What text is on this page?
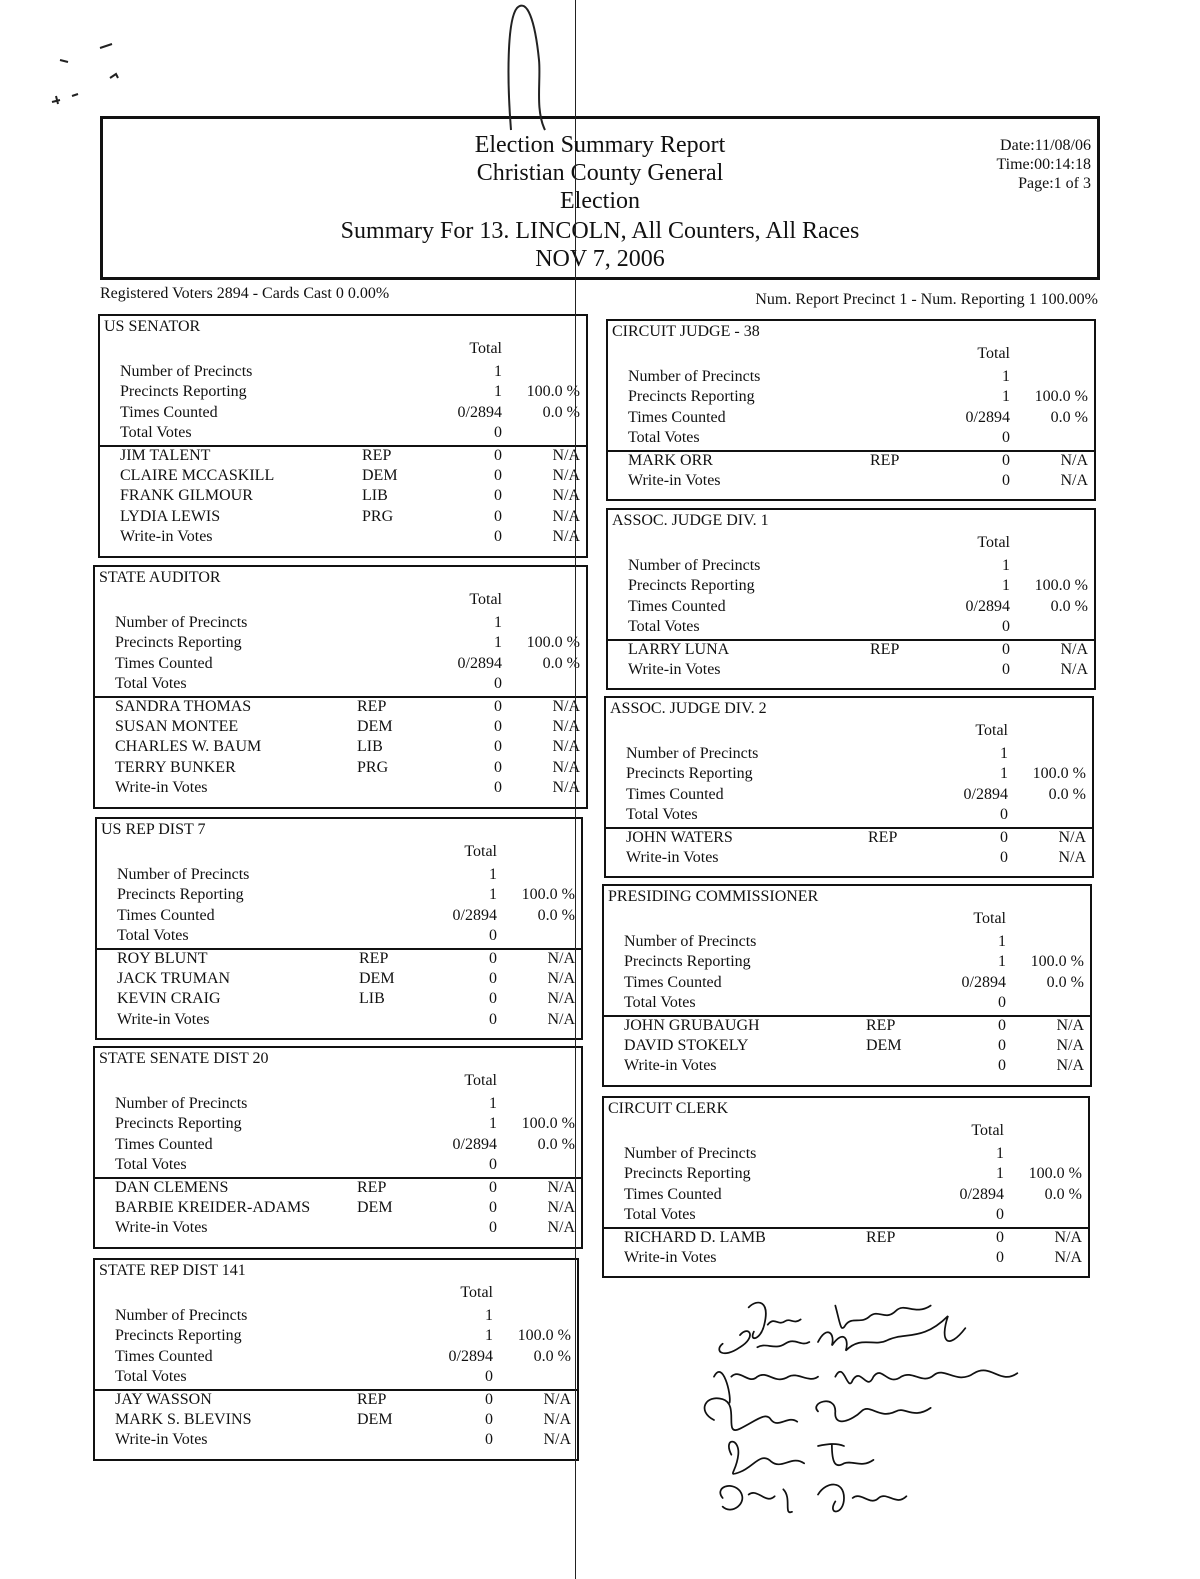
Election Summary Report
Christian County General
Election
Summary For 13. LINCOLN, All Counters, All Races
NOV 7, 2006
Date:11/08/06
Time:00:14:18
Page:1 of 3
Registered Voters 2894 - Cards Cast 0 0.00%	Num. Report Precinct 1 - Num. Reporting 1 100.00%
US SENATOR
Total
Number of Precincts	1
Precincts Reporting	1 100.0 %
Times Counted	0/2894	0.0 %
Total Votes	0
JIM TALENT	REP	0	N/A
CLAIRE MCCASKILL	DEM	0	N/A
FRANK GILMOUR	LIB	0	N/A
LYDIA LEWIS	PRG	0	N/A
Write-in Votes	0	N/A
STATE AUDITOR
Total
Number of Precincts	1
Precincts Reporting	1 100.0 %
Times Counted	0/2894	0.0 %
Total Votes	0
SANDRA THOMAS	REP	0	N/A
SUSAN MONTEE	DEM	0	N/A
CHARLES W. BAUM	LIB	0	N/A
TERRY BUNKER	PRG	0	N/A
Write-in Votes	0	N/A
US REP DIST 7
Total
Number of Precincts	1
Precincts Reporting	1 100.0 %
Times Counted	0/2894	0.0 %
Total Votes	0
ROY BLUNT	REP	0	N/A
JACK TRUMAN	DEM	0	N/A
KEVIN CRAIG	LIB	0	N/A
Write-in Votes	0	N/A
STATE SENATE DIST 20
Total
Number of Precincts	1
Precincts Reporting	1 100.0 %
Times Counted	0/2894	0.0 %
Total Votes	0
DAN CLEMENS	REP	0	N/A
BARBIE KREIDER-ADAMS	DEM	0	N/A
Write-in Votes	0	N/A
STATE REP DIST 141
Total
Number of Precincts	1
Precincts Reporting	1 100.0 %
Times Counted	0/2894	0.0 %
Total Votes	0
JAY WASSON	REP	0	N/A
MARK S. BLEVINS	DEM	0	N/A
Write-in Votes	0	N/A
CIRCUIT JUDGE - 38
Total
Number of Precincts	1
Precincts Reporting	1 100.0 %
Times Counted	0/2894	0.0 %
Total Votes	0
MARK ORR	REP	0	N/A
Write-in Votes	0	N/A
ASSOC. JUDGE DIV. 1
Total
Number of Precincts	1
Precincts Reporting	1 100.0 %
Times Counted	0/2894	0.0 %
Total Votes	0
LARRY LUNA	REP	0	N/A
Write-in Votes	0	N/A
ASSOC. JUDGE DIV. 2
Total
Number of Precincts	1
Precincts Reporting	1 100.0 %
Times Counted	0/2894	0.0 %
Total Votes	0
JOHN WATERS	REP	0	N/A
Write-in Votes	0	N/A
PRESIDING COMMISSIONER
Total
Number of Precincts	1
Precincts Reporting	1 100.0 %
Times Counted	0/2894	0.0 %
Total Votes	0
JOHN GRUBAUGH	REP	0	N/A
DAVID STOKELY	DEM	0	N/A
Write-in Votes	0	N/A
CIRCUIT CLERK
Total
Number of Precincts	1
Precincts Reporting	1 100.0 %
Times Counted	0/2894	0.0 %
Total Votes	0
RICHARD D. LAMB	REP	0	N/A
Write-in Votes	0	N/A
